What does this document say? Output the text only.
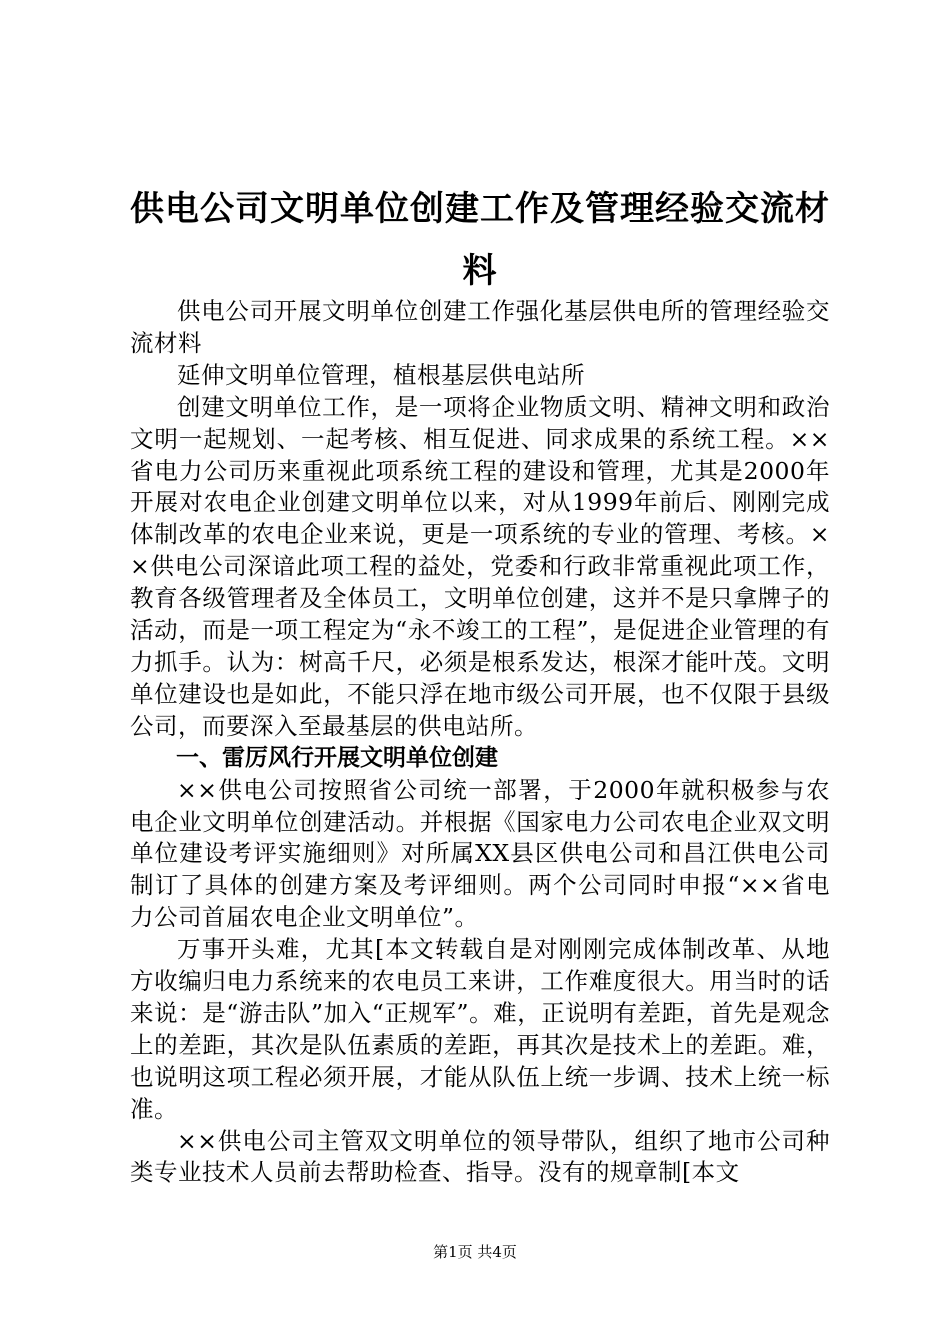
供电公司文明单位创建工作及管理经验交流材料

供电公司开展文明单位创建工作强化基层供电所的管理经验交流材料

延伸文明单位管理，植根基层供电站所

创建文明单位工作，是一项将企业物质文明、精神文明和政治文明一起规划、一起考核、相互促进、同求成果的系统工程。××省电力公司历来重视此项系统工程的建设和管理，尤其是2000年开展对农电企业创建文明单位以来，对从1999年前后、刚刚完成体制改革的农电企业来说，更是一项系统的专业的管理、考核。××供电公司深谙此项工程的益处，党委和行政非常重视此项工作，教育各级管理者及全体员工，文明单位创建，这并不是只拿牌子的活动，而是一项工程定为“永不竣工的工程”，是促进企业管理的有力抓手。认为：树高千尺，必须是根系发达，根深才能叶茂。文明单位建设也是如此，不能只浮在地市级公司开展，也不仅限于县级公司，而要深入至最基层的供电站所。

一、雷厉风行开展文明单位创建

××供电公司按照省公司统一部署，于2000年就积极参与农电企业文明单位创建活动。并根据《国家电力公司农电企业双文明单位建设考评实施细则》对所属XX县区供电公司和昌江供电公司制订了具体的创建方案及考评细则。两个公司同时申报“××省电力公司首届农电企业文明单位”。

万事开头难，尤其[本文转载自是对刚刚完成体制改革、从地方收编归电力系统来的农电员工来讲，工作难度很大。用当时的话来说：是“游击队”加入“正规军”。难，正说明有差距，首先是观念上的差距，其次是队伍素质的差距，再其次是技术上的差距。难，也说明这项工程必须开展，才能从队伍上统一步调、技术上统一标准。

××供电公司主管双文明单位的领导带队，组织了地市公司种类专业技术人员前去帮助检查、指导。没有的规章制[本文

第1页 共4页
